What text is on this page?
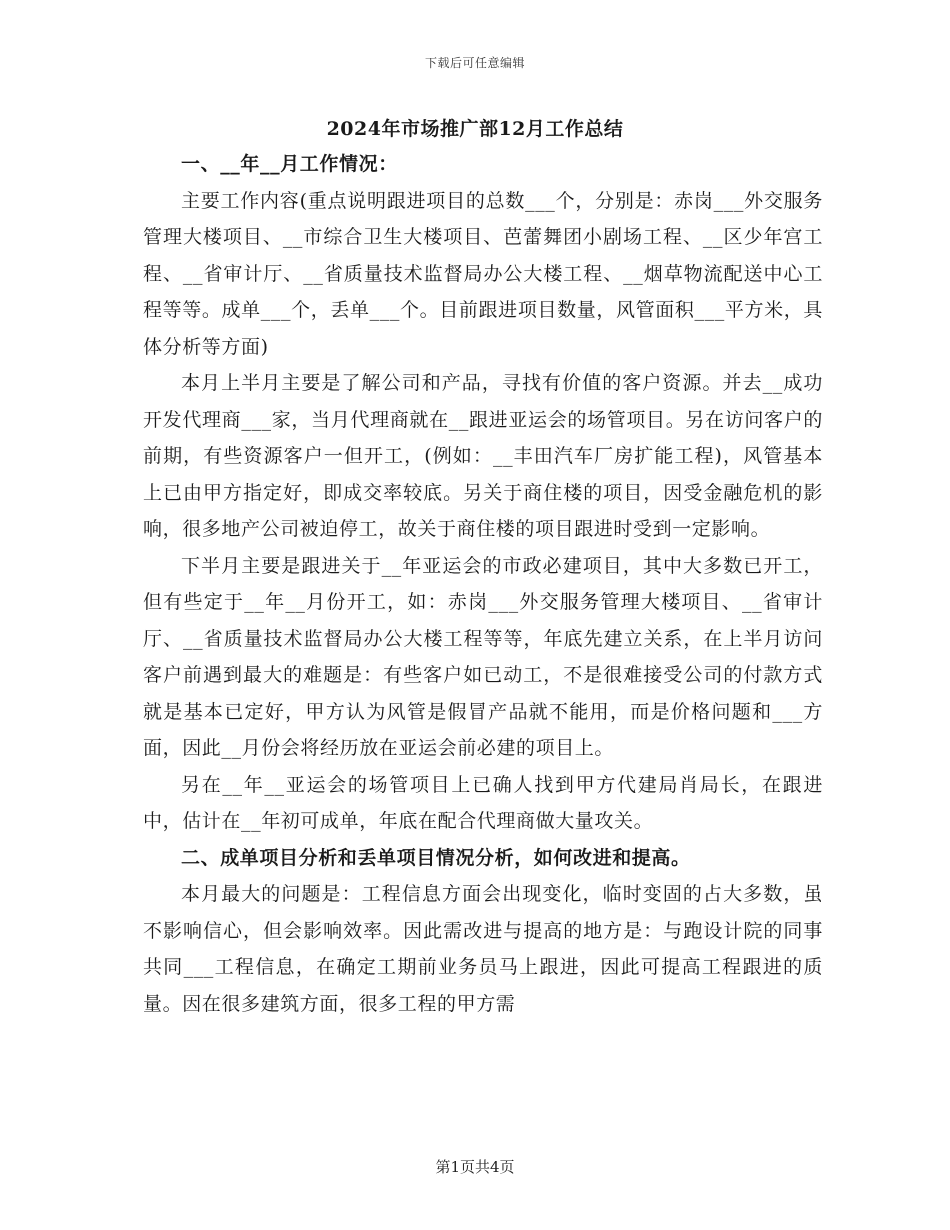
下载后可任意编辑
2024年市场推广部12月工作总结

一、__年__月工作情况：

主要工作内容(重点说明跟进项目的总数___个，分别是：赤岗___外交服务管理大楼项目、__市综合卫生大楼项目、芭蕾舞团小剧场工程、__区少年宫工程、__省审计厅、__省质量技术监督局办公大楼工程、__烟草物流配送中心工程等等。成单___个，丢单___个。目前跟进项目数量，风管面积___平方米，具体分析等方面)

本月上半月主要是了解公司和产品，寻找有价值的客户资源。并去__成功开发代理商___家，当月代理商就在__跟进亚运会的场管项目。另在访问客户的前期，有些资源客户一但开工，(例如：__丰田汽车厂房扩能工程)，风管基本上已由甲方指定好，即成交率较底。另关于商住楼的项目，因受金融危机的影响，很多地产公司被迫停工，故关于商住楼的项目跟进时受到一定影响。

下半月主要是跟进关于__年亚运会的市政必建项目，其中大多数已开工，但有些定于__年__月份开工，如：赤岗___外交服务管理大楼项目、__省审计厅、__省质量技术监督局办公大楼工程等等，年底先建立关系，在上半月访问客户前遇到最大的难题是：有些客户如已动工，不是很难接受公司的付款方式就是基本已定好，甲方认为风管是假冒产品就不能用，而是价格问题和___方面，因此__月份会将经历放在亚运会前必建的项目上。

另在__年__亚运会的场管项目上已确人找到甲方代建局肖局长，在跟进中，估计在__年初可成单，年底在配合代理商做大量攻关。

二、成单项目分析和丢单项目情况分析，如何改进和提高。

本月最大的问题是：工程信息方面会出现变化，临时变固的占大多数，虽不影响信心，但会影响效率。因此需改进与提高的地方是：与跑设计院的同事共同___工程信息，在确定工期前业务员马上跟进，因此可提高工程跟进的质量。因在很多建筑方面，很多工程的甲方需

第1页共4页
